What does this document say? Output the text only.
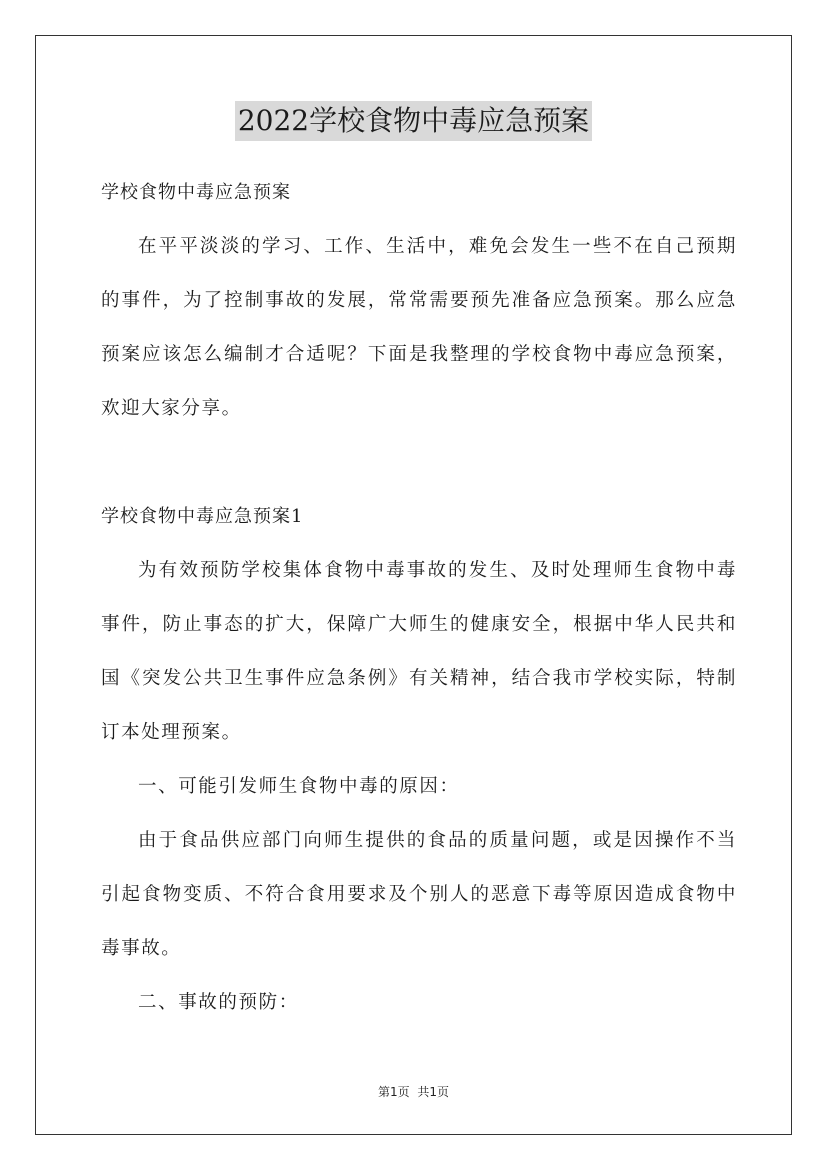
2022学校食物中毒应急预案

学校食物中毒应急预案

在平平淡淡的学习、工作、生活中，难免会发生一些不在自己预期的事件，为了控制事故的发展，常常需要预先准备应急预案。那么应急预案应该怎么编制才合适呢？下面是我整理的学校食物中毒应急预案，欢迎大家分享。

学校食物中毒应急预案1

为有效预防学校集体食物中毒事故的发生、及时处理师生食物中毒事件，防止事态的扩大，保障广大师生的健康安全，根据中华人民共和国《突发公共卫生事件应急条例》有关精神，结合我市学校实际，特制订本处理预案。

一、可能引发师生食物中毒的原因：

由于食品供应部门向师生提供的食品的质量问题，或是因操作不当引起食物变质、不符合食用要求及个别人的恶意下毒等原因造成食物中毒事故。

二、事故的预防：

第1页 共1页
